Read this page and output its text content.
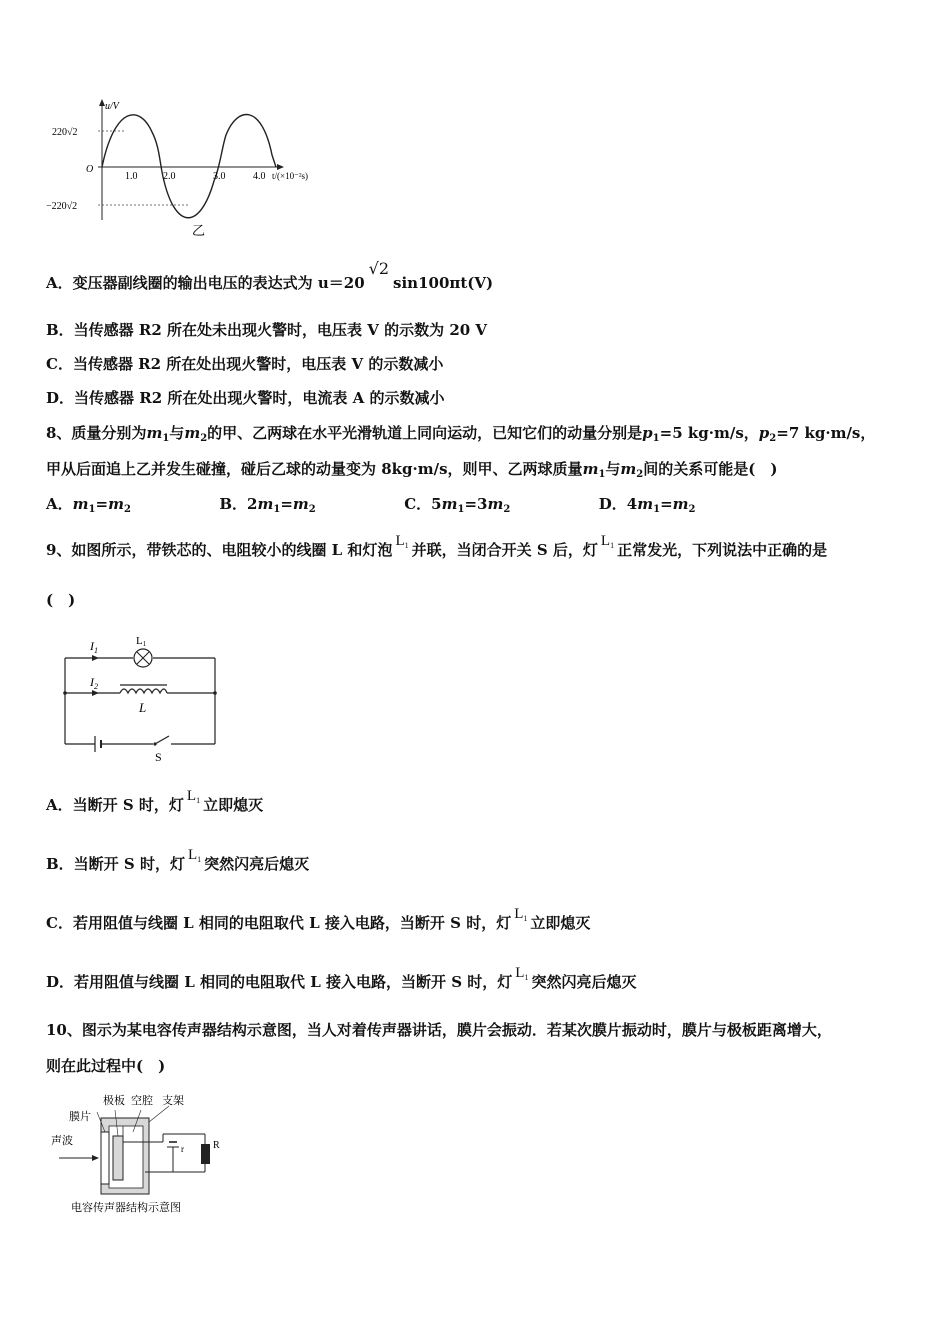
u/V
220√2
−220√2
O
1.0	2.0	3.0	4.0 t/(×10⁻²s)
乙
A．变压器副线圈的输出电压的表达式为 u＝20√2sin100πt(V)
B．当传感器 R2 所在处未出现火警时，电压表 V 的示数为 20 V
C．当传感器 R2 所在处出现火警时，电压表 V 的示数减小
D．当传感器 R2 所在处出现火警时，电流表 A 的示数减小
8、质量分别为$m_1$与$m_2$的甲、乙两球在水平光滑轨道上同向运动，已知它们的动量分别是$p_1=5$ kg·m/s，$p_2=7$ kg·m/s，
甲从后面追上乙并发生碰撞，碰后乙球的动量变为 8kg·m/s，则甲、乙两球质量$m_1$与$m_2$间的关系可能是(　)
A．$m_1=m_2$	B．$2m_1=m_2$	C．$5m_1=3m_2$	D．$4m_1=m_2$
9、如图所示，带铁芯的、电阻较小的线圈 L 和灯泡 $L_1$ 并联，当闭合开关 S 后，灯 $L_1$ 正常发光，下列说法中正确的是
(　)
$I_1$
$I_2$
L1
L
S
A．当断开 S 时，灯 $L_1$ 立即熄灭
B．当断开 S 时，灯 $L_1$ 突然闪亮后熄灭
C．若用阻值与线圈 L 相同的电阻取代 L 接入电路，当断开 S 时，灯 $L_1$ 立即熄灭
D．若用阻值与线圈 L 相同的电阻取代 L 接入电路，当断开 S 时，灯 $L_1$ 突然闪亮后熄灭
10、图示为某电容传声器结构示意图，当人对着传声器讲话，膜片会振动．若某次膜片振动时，膜片与极板距离增大，
则在此过程中(　)
极板 空腔 支架
膜片
声波	R
r
电容传声器结构示意图
